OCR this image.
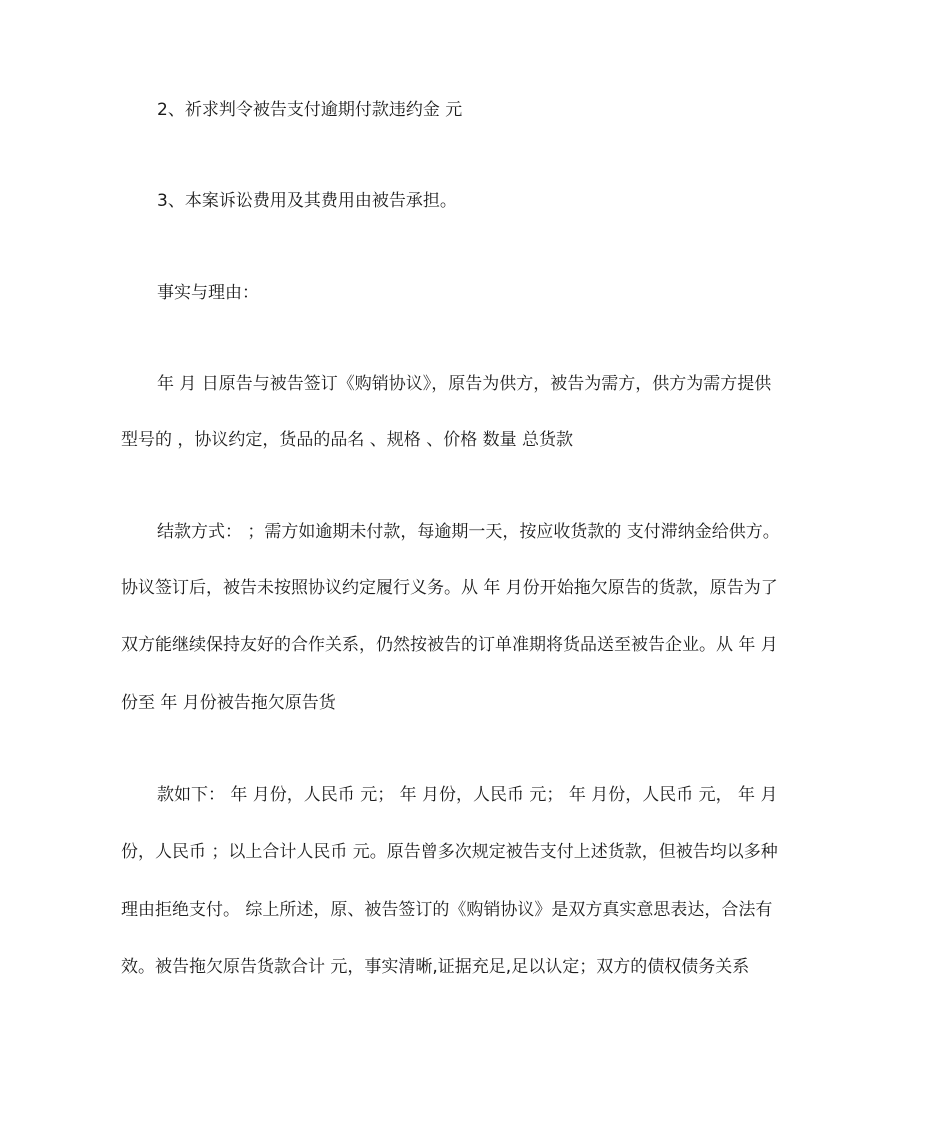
2、祈求判令被告支付逾期付款违约金 元
3、本案诉讼费用及其费用由被告承担。
事实与理由：
年 月 日原告与被告签订《购销协议》，原告为供方，被告为需方，供方为需方提供
型号的 ，协议约定，货品的品名 、规格 、价格 数量 总货款
结款方式： ；需方如逾期未付款，每逾期一天，按应收货款的 支付滞纳金给供方。
协议签订后，被告未按照协议约定履行义务。从 年 月份开始拖欠原告的货款，原告为了
双方能继续保持友好的合作关系，仍然按被告的订单准期将货品送至被告企业。从 年 月
份至 年 月份被告拖欠原告货
款如下： 年 月份，人民币 元； 年 月份，人民币 元； 年 月份，人民币 元， 年 月
份，人民币 ；以上合计人民币 元。原告曾多次规定被告支付上述货款，但被告均以多种
理由拒绝支付。 综上所述，原、被告签订的《购销协议》是双方真实意思表达，合法有
效。被告拖欠原告货款合计 元，事实清晰,证据充足,足以认定；双方的债权债务关系
